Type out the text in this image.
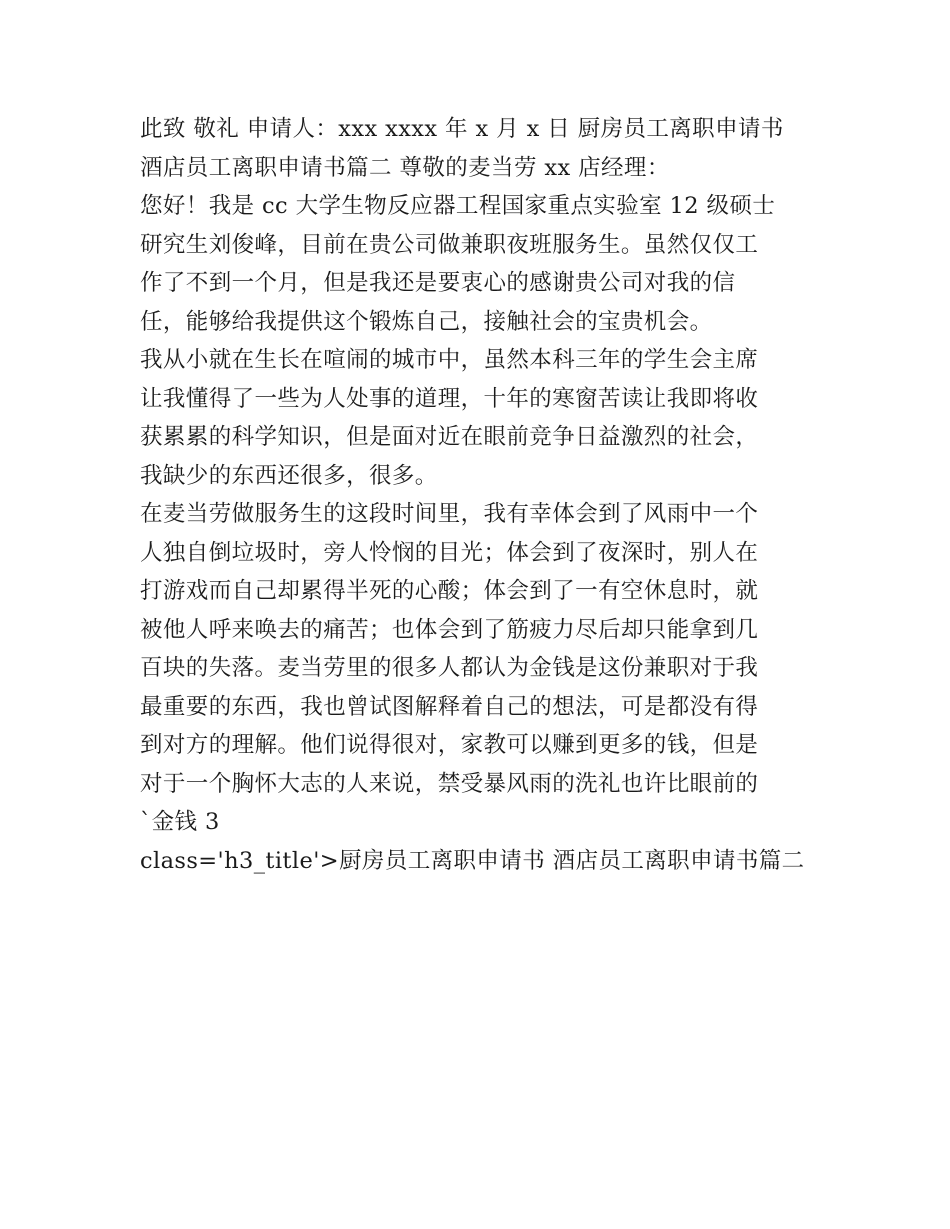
此致 敬礼 申请人：xxx xxxx 年 x 月 x 日 厨房员工离职申请书
酒店员工离职申请书篇二 尊敬的麦当劳 xx 店经理：
您好！我是 cc 大学生物反应器工程国家重点实验室 12 级硕士
研究生刘俊峰，目前在贵公司做兼职夜班服务生。虽然仅仅工
作了不到一个月，但是我还是要衷心的感谢贵公司对我的信
任，能够给我提供这个锻炼自己，接触社会的宝贵机会。
我从小就在生长在喧闹的城市中，虽然本科三年的学生会主席
让我懂得了一些为人处事的道理，十年的寒窗苦读让我即将收
获累累的科学知识，但是面对近在眼前竞争日益激烈的社会，
我缺少的东西还很多，很多。
在麦当劳做服务生的这段时间里，我有幸体会到了风雨中一个
人独自倒垃圾时，旁人怜悯的目光；体会到了夜深时，别人在
打游戏而自己却累得半死的心酸；体会到了一有空休息时，就
被他人呼来唤去的痛苦；也体会到了筋疲力尽后却只能拿到几
百块的失落。麦当劳里的很多人都认为金钱是这份兼职对于我
最重要的东西，我也曾试图解释着自己的想法，可是都没有得
到对方的理解。他们说得很对，家教可以赚到更多的钱，但是
对于一个胸怀大志的人来说，禁受暴风雨的洗礼也许比眼前的
`金钱 3
class='h3_title'>厨房员工离职申请书 酒店员工离职申请书篇二
